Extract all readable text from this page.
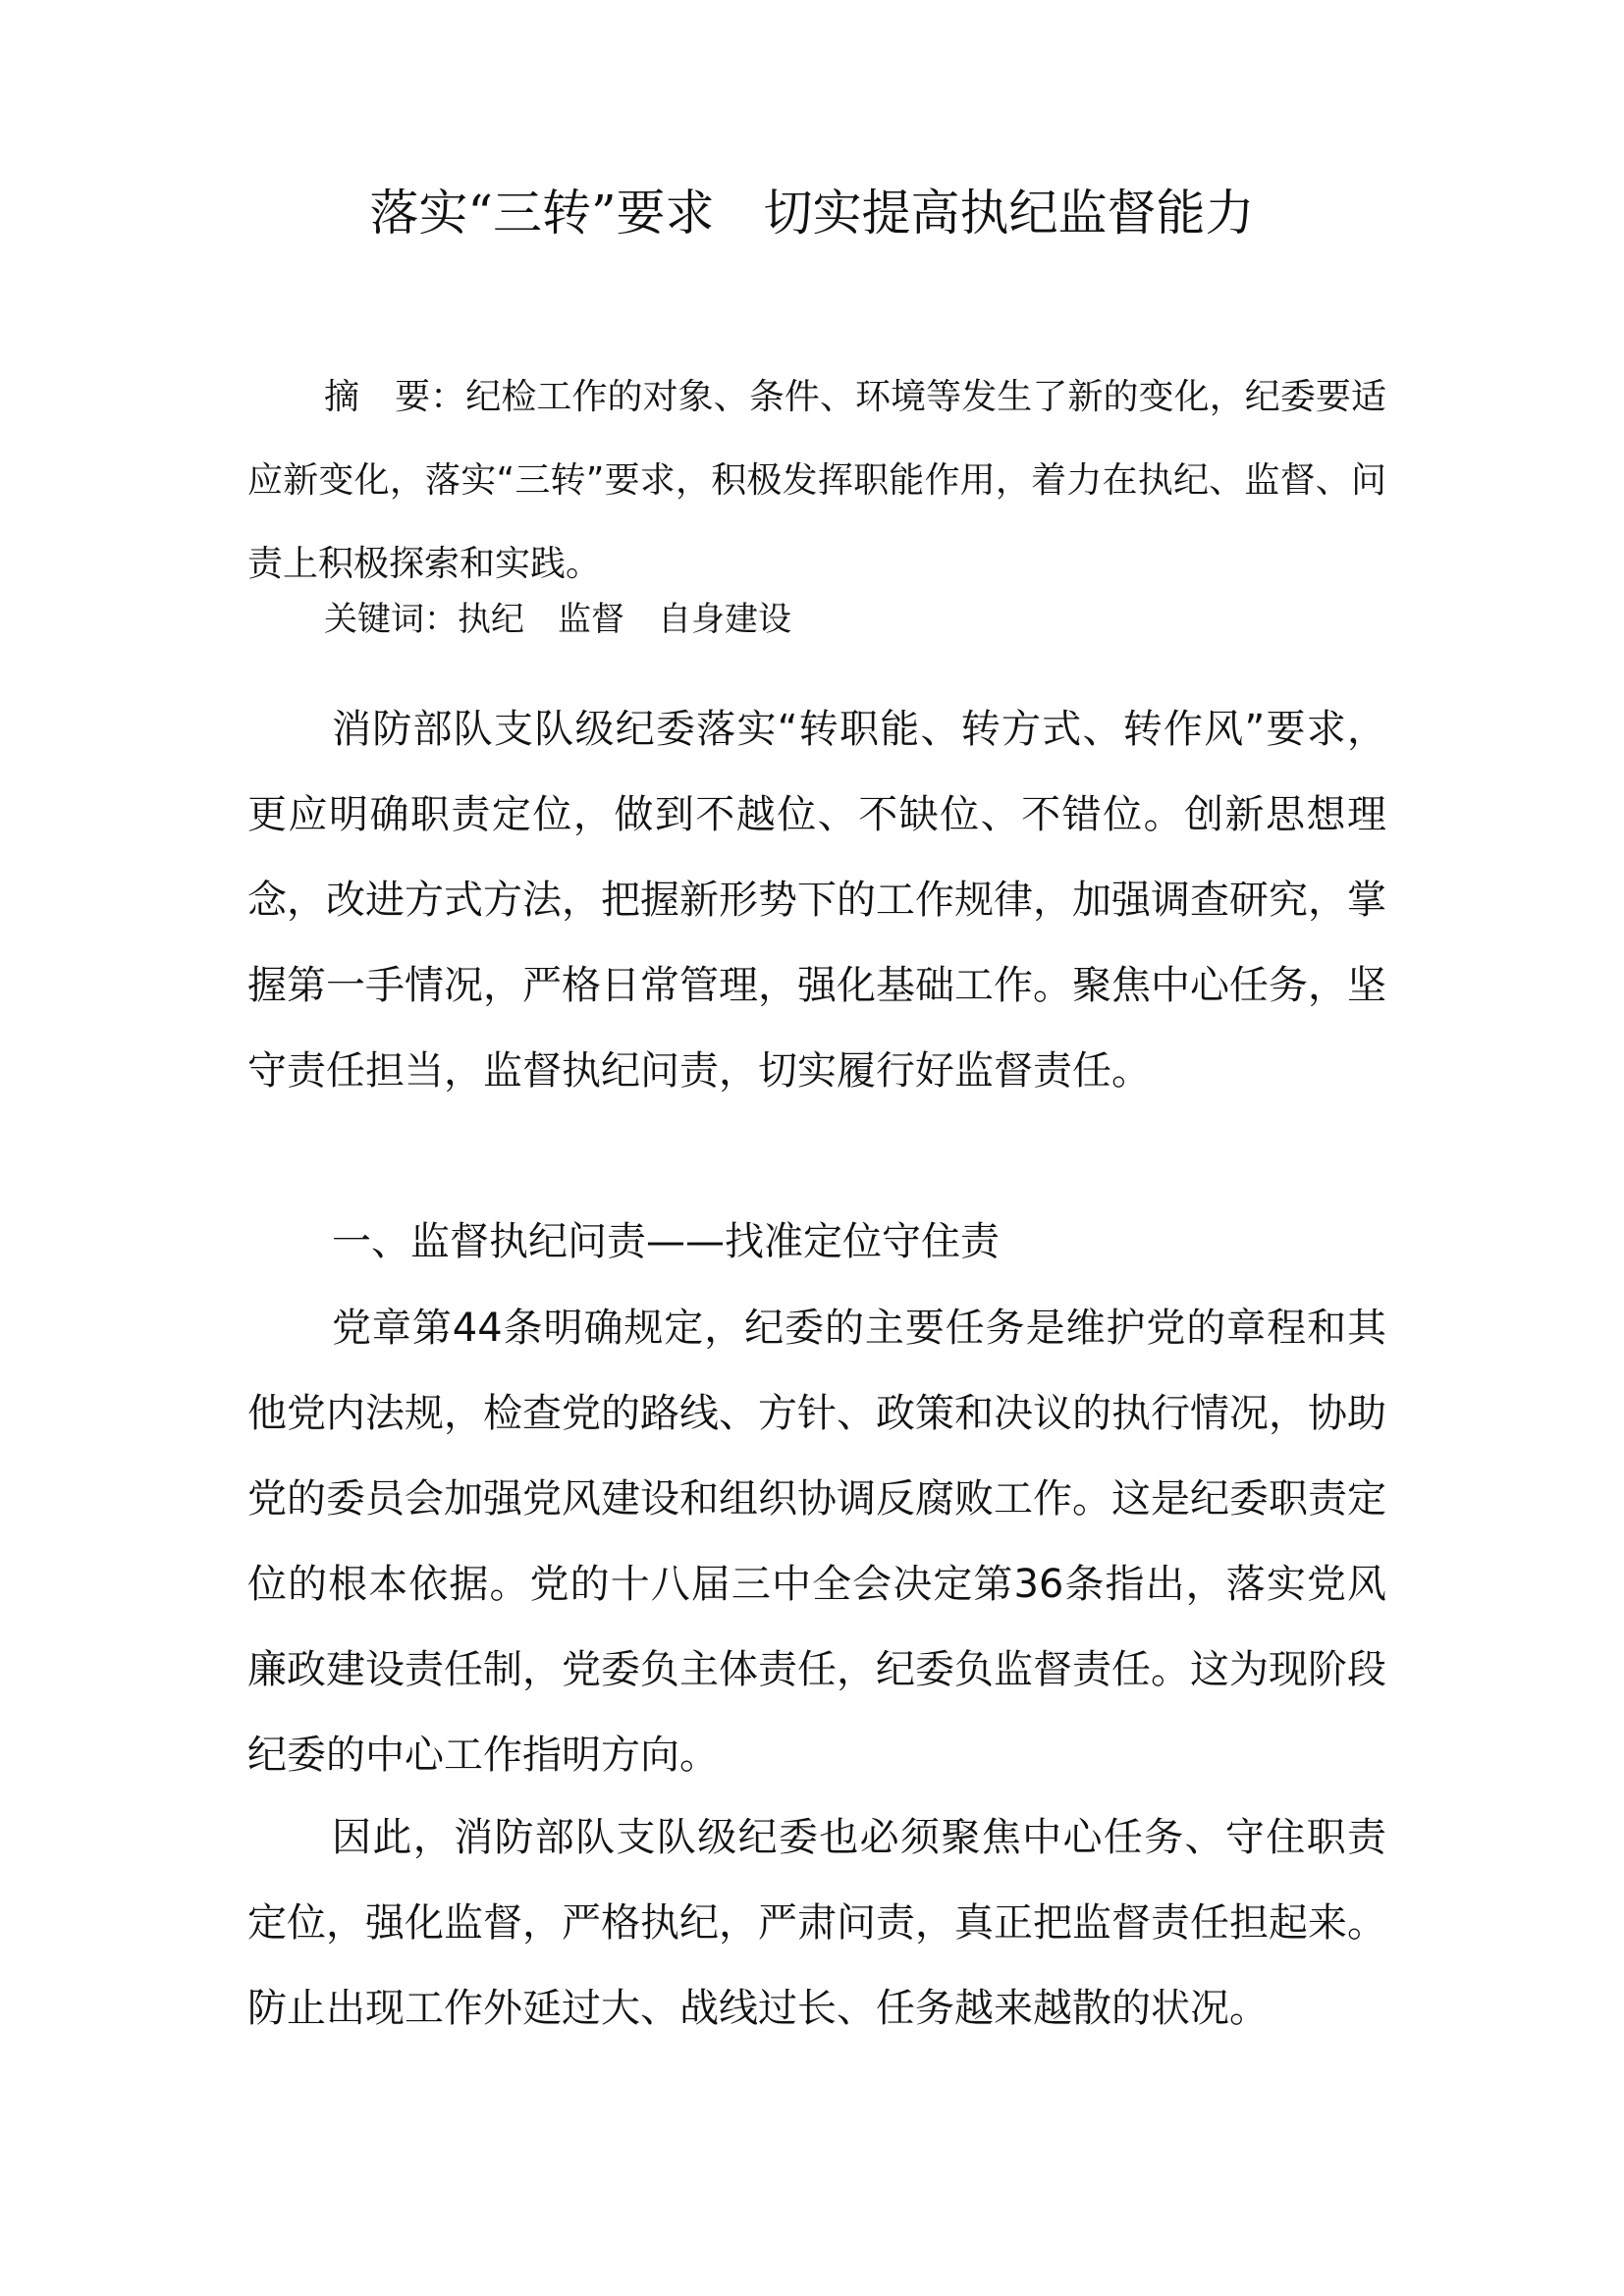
落实“三转”要求　切实提高执纪监督能力

摘　要：纪检工作的对象、条件、环境等发生了新的变化，纪委要适应新变化，落实“三转”要求，积极发挥职能作用，着力在执纪、监督、问责上积极探索和实践。

关键词：执纪　监督　自身建设

消防部队支队级纪委落实“转职能、转方式、转作风”要求，更应明确职责定位，做到不越位、不缺位、不错位。创新思想理念，改进方式方法，把握新形势下的工作规律，加强调查研究，掌握第一手情况，严格日常管理，强化基础工作。聚焦中心任务，坚守责任担当，监督执纪问责，切实履行好监督责任。

一、监督执纪问责——找准定位守住责

党章第44条明确规定，纪委的主要任务是维护党的章程和其他党内法规，检查党的路线、方针、政策和决议的执行情况，协助党的委员会加强党风建设和组织协调反腐败工作。这是纪委职责定位的根本依据。党的十八届三中全会决定第36条指出，落实党风廉政建设责任制，党委负主体责任，纪委负监督责任。这为现阶段纪委的中心工作指明方向。

因此，消防部队支队级纪委也必须聚焦中心任务、守住职责定位，强化监督，严格执纪，严肃问责，真正把监督责任担起来。防止出现工作外延过大、战线过长、任务越来越散的状况。
